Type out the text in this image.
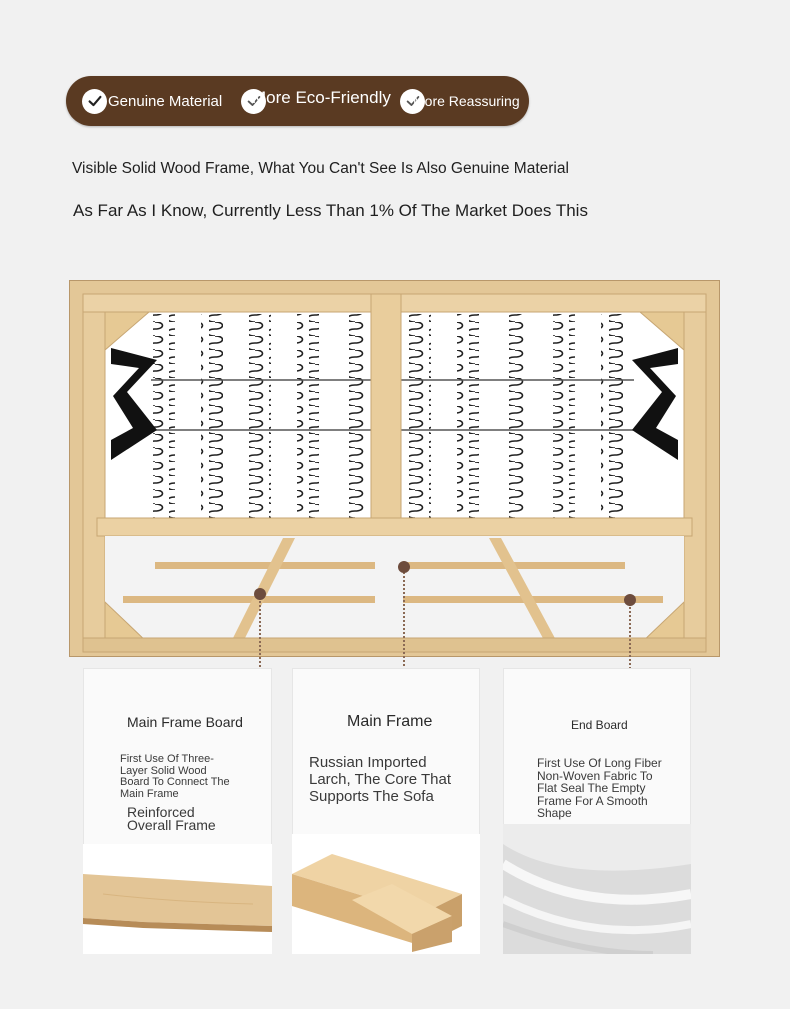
Genuine Material More Eco-Friendly More Reassuring
Visible Solid Wood Frame, What You Can't See Is Also Genuine Material
As Far As I Know, Currently Less Than 1% Of The Market Does This
Main Frame Board
First Use Of Three-Layer Solid Wood Board To Connect The Main Frame
Reinforced Overall Frame
Main Frame
Russian Imported Larch, The Core That Supports The Sofa
End Board
First Use Of Long Fiber Non-Woven Fabric To Flat Seal The Empty Frame For A Smooth Shape
